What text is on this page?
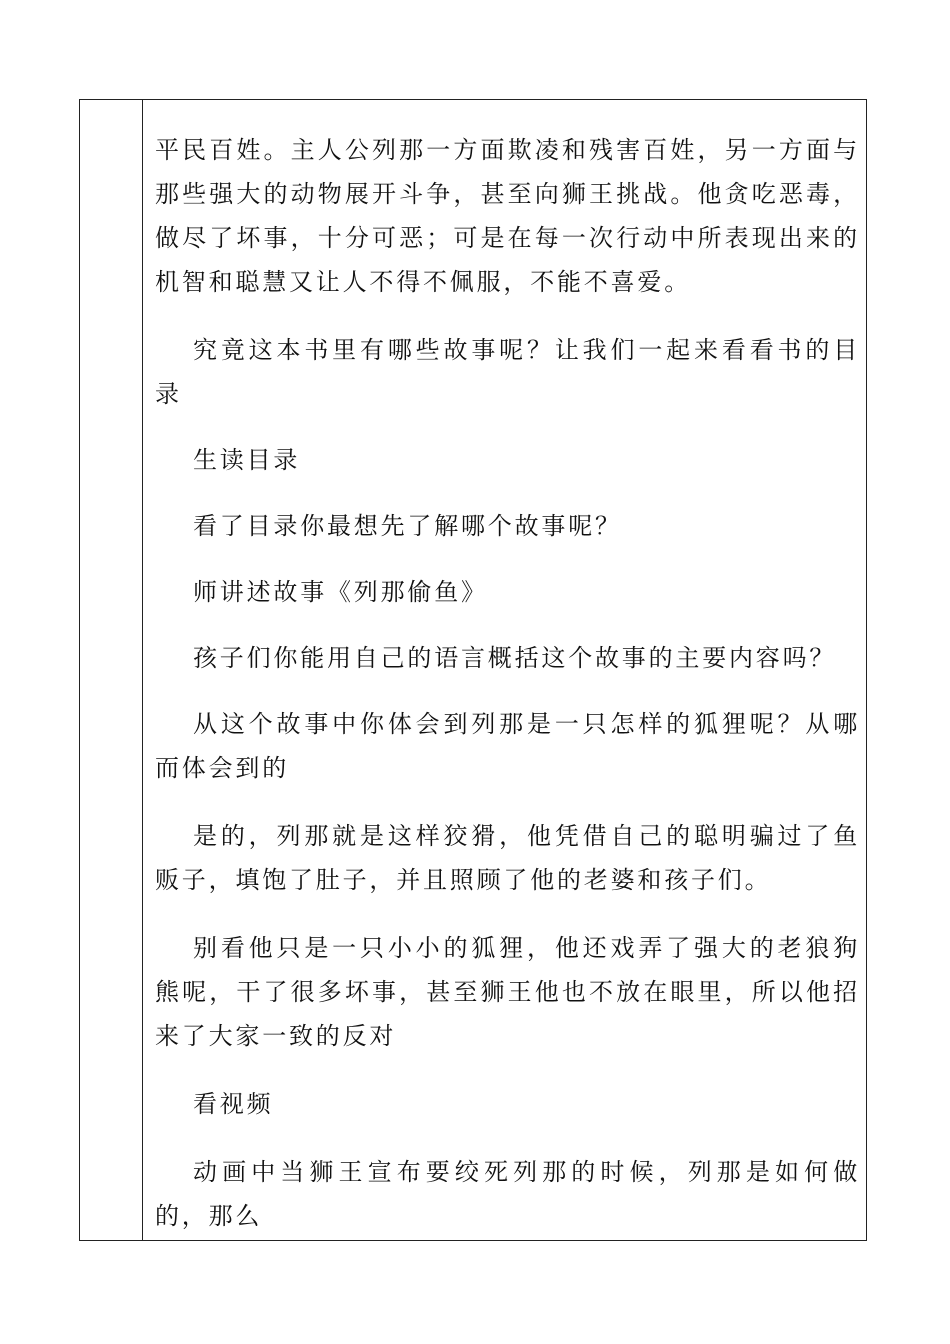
平民百姓。主人公列那一方面欺凌和残害百姓，另一方面与那些强大的动物展开斗争，甚至向狮王挑战。他贪吃恶毒，做尽了坏事，十分可恶；可是在每一次行动中所表现出来的机智和聪慧又让人不得不佩服，不能不喜爱。

究竟这本书里有哪些故事呢？让我们一起来看看书的目录

生读目录

看了目录你最想先了解哪个故事呢？

师讲述故事《列那偷鱼》

孩子们你能用自己的语言概括这个故事的主要内容吗？

从这个故事中你体会到列那是一只怎样的狐狸呢？从哪而体会到的

是的，列那就是这样狡猾，他凭借自己的聪明骗过了鱼贩子，填饱了肚子，并且照顾了他的老婆和孩子们。

别看他只是一只小小的狐狸，他还戏弄了强大的老狼狗熊呢，干了很多坏事，甚至狮王他也不放在眼里，所以他招来了大家一致的反对

看视频

动画中当狮王宣布要绞死列那的时候，列那是如何做的，那么
